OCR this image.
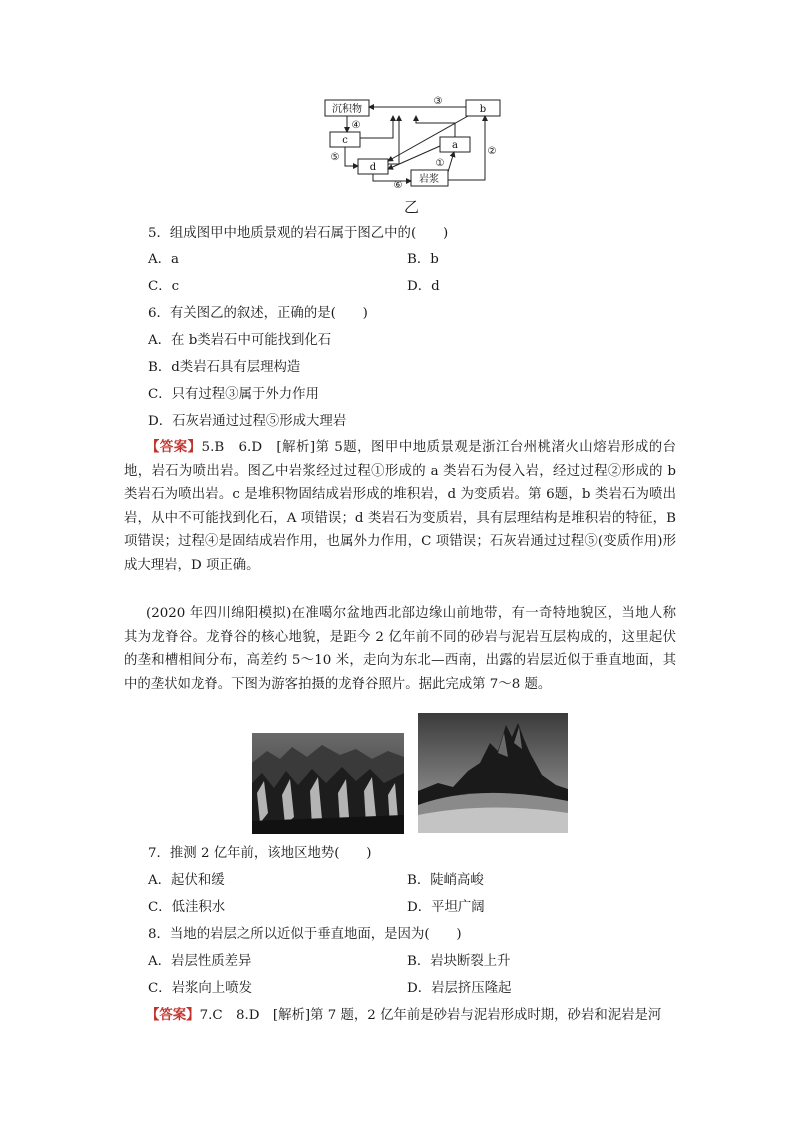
沉积物	b
c
d
a
岩浆
③
④
⑤
①
②
⑥
乙
5．组成图甲中地质景观的岩石属于图乙中的(　　)
A．a	B．b
C．c	D．d
6．有关图乙的叙述，正确的是(　　)
A．在 b类岩石中可能找到化石
B．d类岩石具有层理构造
C．只有过程③属于外力作用
D．石灰岩通过过程⑤形成大理岩
【答案】5.B　6.D　[解析]第 5题，图甲中地质景观是浙江台州桃渚火山熔岩形成的台地，岩石为喷出岩。图乙中岩浆经过过程①形成的 a 类岩石为侵入岩，经过过程②形成的 b 类岩石为喷出岩。c 是堆积物固结成岩形成的堆积岩，d 为变质岩。第 6题，b 类岩石为喷出岩，从中不可能找到化石，A 项错误；d 类岩石为变质岩，具有层理结构是堆积岩的特征，B 项错误；过程④是固结成岩作用，也属外力作用，C 项错误；石灰岩通过过程⑤(变质作用)形成大理岩，D 项正确。
(2020 年四川绵阳模拟)在准噶尔盆地西北部边缘山前地带，有一奇特地貌区，当地人称其为龙脊谷。龙脊谷的核心地貌，是距今 2 亿年前不同的砂岩与泥岩互层构成的，这里起伏的垄和槽相间分布，高差约 5～10 米，走向为东北—西南，出露的岩层近似于垂直地面，其中的垄状如龙脊。下图为游客拍摄的龙脊谷照片。据此完成第 7～8 题。
7．推测 2 亿年前，该地区地势(　　)
A．起伏和缓	B．陡峭高峻
C．低洼积水	D．平坦广阔
8．当地的岩层之所以近似于垂直地面，是因为(　　)
A．岩层性质差异	B．岩块断裂上升
C．岩浆向上喷发	D．岩层挤压隆起
【答案】7.C　8.D　[解析]第 7 题，2 亿年前是砂岩与泥岩形成时期，砂岩和泥岩是河
